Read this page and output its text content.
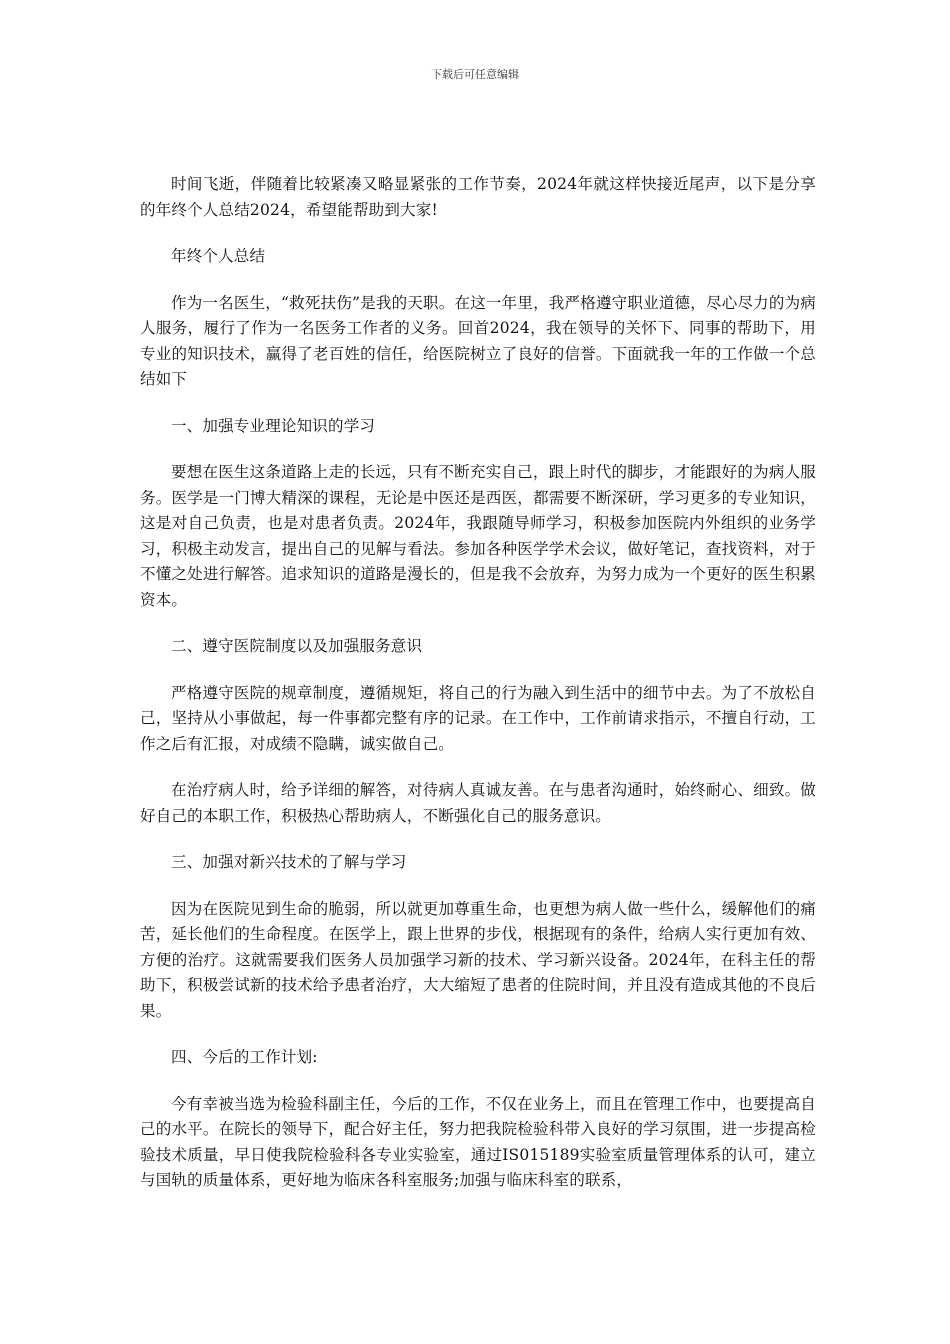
下载后可任意编辑

时间飞逝，伴随着比较紧凑又略显紧张的工作节奏，2024年就这样快接近尾声，以下是分享的年终个人总结2024，希望能帮助到大家!

年终个人总结

作为一名医生，“救死扶伤”是我的天职。在这一年里，我严格遵守职业道德，尽心尽力的为病人服务，履行了作为一名医务工作者的义务。回首2024，我在领导的关怀下、同事的帮助下，用专业的知识技术，赢得了老百姓的信任，给医院树立了良好的信誉。下面就我一年的工作做一个总结如下

一、加强专业理论知识的学习

要想在医生这条道路上走的长远，只有不断充实自己，跟上时代的脚步，才能跟好的为病人服务。医学是一门博大精深的课程，无论是中医还是西医，都需要不断深研，学习更多的专业知识，这是对自己负责，也是对患者负责。2024年，我跟随导师学习，积极参加医院内外组织的业务学习，积极主动发言，提出自己的见解与看法。参加各种医学学术会议，做好笔记，查找资料，对于不懂之处进行解答。追求知识的道路是漫长的，但是我不会放弃，为努力成为一个更好的医生积累资本。

二、遵守医院制度以及加强服务意识

严格遵守医院的规章制度，遵循规矩，将自己的行为融入到生活中的细节中去。为了不放松自己，坚持从小事做起，每一件事都完整有序的记录。在工作中，工作前请求指示，不擅自行动，工作之后有汇报，对成绩不隐瞒，诚实做自己。

在治疗病人时，给予详细的解答，对待病人真诚友善。在与患者沟通时，始终耐心、细致。做好自己的本职工作，积极热心帮助病人，不断强化自己的服务意识。

三、加强对新兴技术的了解与学习

因为在医院见到生命的脆弱，所以就更加尊重生命，也更想为病人做一些什么，缓解他们的痛苦，延长他们的生命程度。在医学上，跟上世界的步伐，根据现有的条件，给病人实行更加有效、方便的治疗。这就需要我们医务人员加强学习新的技术、学习新兴设备。2024年，在科主任的帮助下，积极尝试新的技术给予患者治疗，大大缩短了患者的住院时间，并且没有造成其他的不良后果。

四、今后的工作计划:

今有幸被当选为检验科副主任，今后的工作，不仅在业务上，而且在管理工作中，也要提高自己的水平。在院长的领导下，配合好主任，努力把我院检验科带入良好的学习氛围，进一步提高检验技术质量，早日使我院检验科各专业实验室，通过IS015189实验室质量管理体系的认可，建立与国轨的质量体系，更好地为临床各科室服务;加强与临床科室的联系，
